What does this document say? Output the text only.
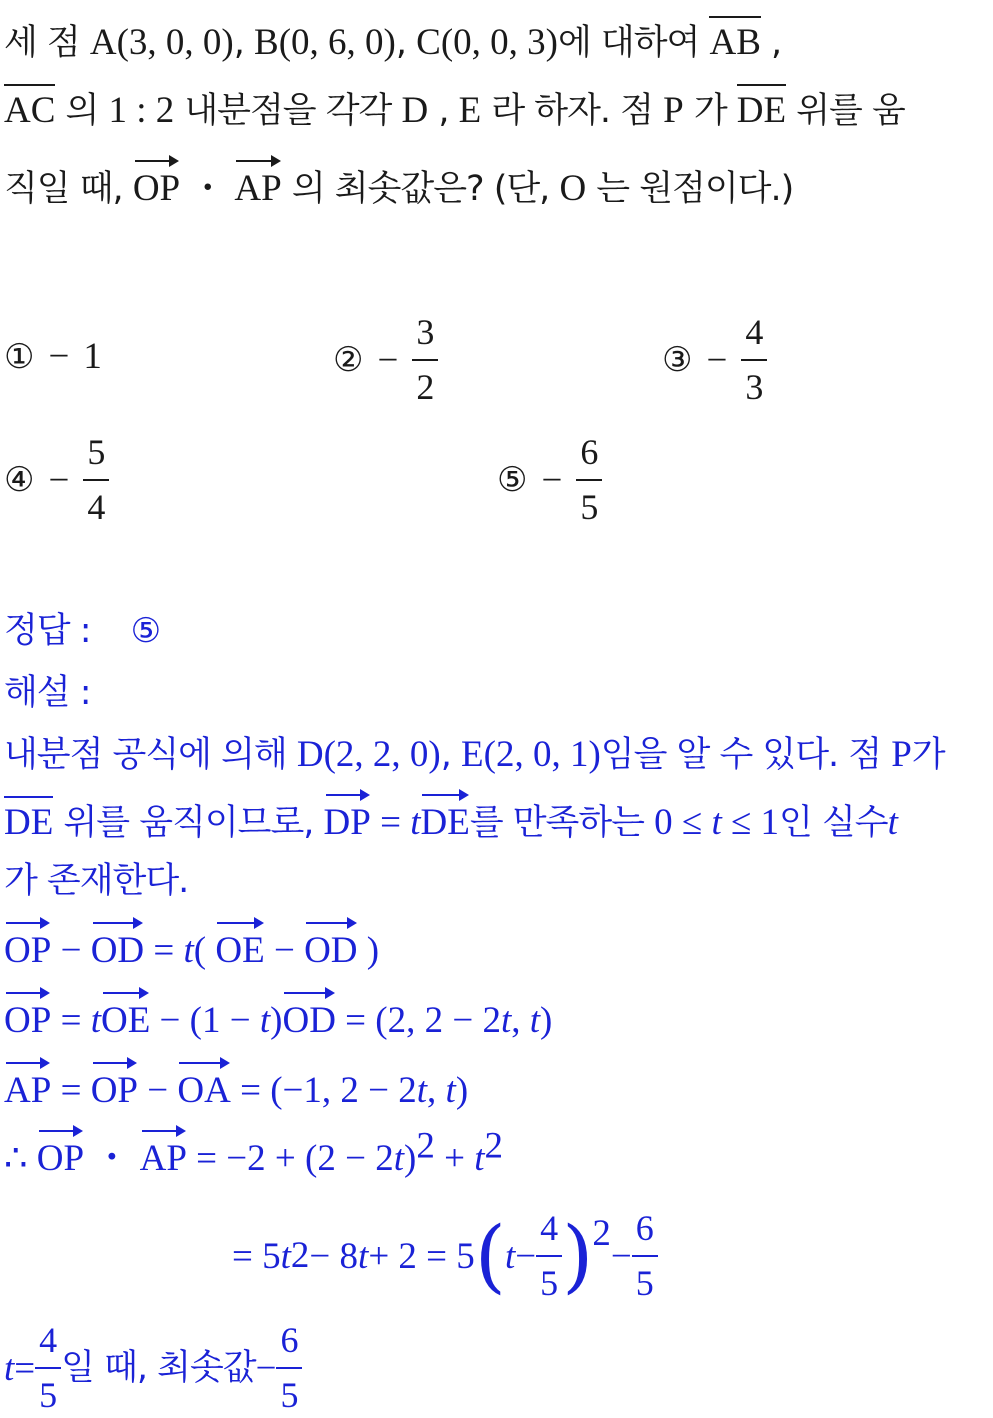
세 점 A(3, 0, 0), B(0, 6, 0), C(0, 0, 3)에 대하여 AB ,
AC 의 1 : 2 내분점을 각각 D , E 라 하자. 점 P 가 DE 위를 움
직일 때, OP ・ AP 의 최솟값은? (단, O 는 원점이다.)
① − 1	② − $\frac{3}{2}$	③ − $\frac{4}{3}$
④ − $\frac{5}{4}$	⑤ − $\frac{6}{5}$
정답 : ⑤
해설 :
내분점 공식에 의해 D(2, 2, 0), E(2, 0, 1)임을 알 수 있다. 점 P가
DE 위를 움직이므로, DP = tDE를 만족하는 0 ≤ t ≤ 1인 실수t
가 존재한다.
OP − OD = t( OE − OD )
OP = tOE − (1 − t)OD = (2, 2 − 2t, t)
AP = OP − OA = (−1, 2 − 2t, t)
∴ OP ・ AP = $-2 + (2 - 2t)^2 + t^2$
= 5 t 2 − 8 t + 2 = 5 ( $t - \frac{4}{5} )^2$
− $\frac{6}{5}$
$t = \frac{4}{5}$ 일 때, 최솟값 − $\frac{6}{5}$
